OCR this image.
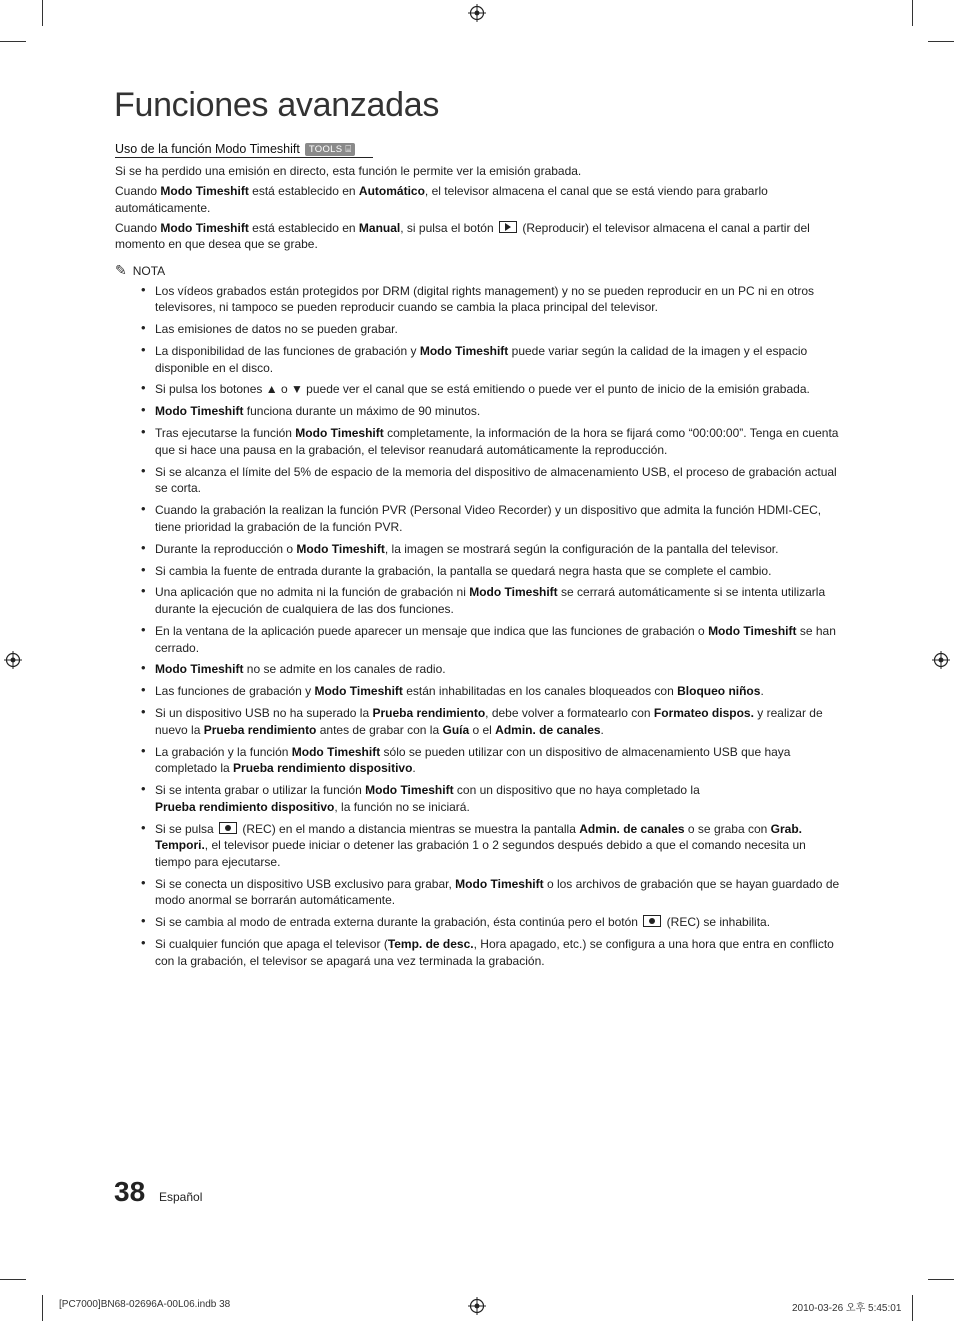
Funciones avanzadas
Uso de la función Modo Timeshift TOOLS ⌸

Si se ha perdido una emisión en directo, esta función le permite ver la emisión grabada.

Cuando Modo Timeshift está establecido en Automático, el televisor almacena el canal que se está viendo para grabarlo automáticamente.

Cuando Modo Timeshift está establecido en Manual, si pulsa el botón  (Reproducir) el televisor almacena el canal a partir del momento en que desea que se grabe.

✎ NOTA
• Los vídeos grabados están protegidos por DRM (digital rights management) y no se pueden reproducir en un PC ni en otros televisores, ni tampoco se pueden reproducir cuando se cambia la placa principal del televisor.
• Las emisiones de datos no se pueden grabar.
• La disponibilidad de las funciones de grabación y Modo Timeshift puede variar según la calidad de la imagen y el espacio disponible en el disco.
• Si pulsa los botones ▲ o ▼ puede ver el canal que se está emitiendo o puede ver el punto de inicio de la emisión grabada.
• Modo Timeshift funciona durante un máximo de 90 minutos.
• Tras ejecutarse la función Modo Timeshift completamente, la información de la hora se fijará como “00:00:00”. Tenga en cuenta que si hace una pausa en la grabación, el televisor reanudará automáticamente la reproducción.
• Si se alcanza el límite del 5% de espacio de la memoria del dispositivo de almacenamiento USB, el proceso de grabación actual se corta.
• Cuando la grabación la realizan la función PVR (Personal Video Recorder) y un dispositivo que admita la función HDMI-CEC, tiene prioridad la grabación de la función PVR.
• Durante la reproducción o Modo Timeshift, la imagen se mostrará según la configuración de la pantalla del televisor.
• Si cambia la fuente de entrada durante la grabación, la pantalla se quedará negra hasta que se complete el cambio.
• Una aplicación que no admita ni la función de grabación ni Modo Timeshift se cerrará automáticamente si se intenta utilizarla durante la ejecución de cualquiera de las dos funciones.
• En la ventana de la aplicación puede aparecer un mensaje que indica que las funciones de grabación o Modo Timeshift se han cerrado.
• Modo Timeshift no se admite en los canales de radio.
• Las funciones de grabación y Modo Timeshift están inhabilitadas en los canales bloqueados con Bloqueo niños.
• Si un dispositivo USB no ha superado la Prueba rendimiento, debe volver a formatearlo con Formateo dispos. y realizar de nuevo la Prueba rendimiento antes de grabar con la Guía o el Admin. de canales.
• La grabación y la función Modo Timeshift sólo se pueden utilizar con un dispositivo de almacenamiento USB que haya completado la Prueba rendimiento dispositivo.
• Si se intenta grabar o utilizar la función Modo Timeshift con un dispositivo que no haya completado la
Prueba rendimiento dispositivo, la función no se iniciará.
• Si se pulsa  (REC) en el mando a distancia mientras se muestra la pantalla Admin. de canales o se graba con Grab. Tempori., el televisor puede iniciar o detener las grabación 1 o 2 segundos después debido a que el comando necesita un tiempo para ejecutarse.
• Si se conecta un dispositivo USB exclusivo para grabar, Modo Timeshift o los archivos de grabación que se hayan guardado de modo anormal se borrarán automáticamente.
• Si se cambia al modo de entrada externa durante la grabación, ésta continúa pero el botón  (REC) se inhabilita.
• Si cualquier función que apaga el televisor (Temp. de desc., Hora apagado, etc.) se configura a una hora que entra en conflicto con la grabación, el televisor se apagará una vez terminada la grabación.
38 Español
[PC7000]BN68-02696A-00L06.indb 38	2010-03-26 오후 5:45:01
